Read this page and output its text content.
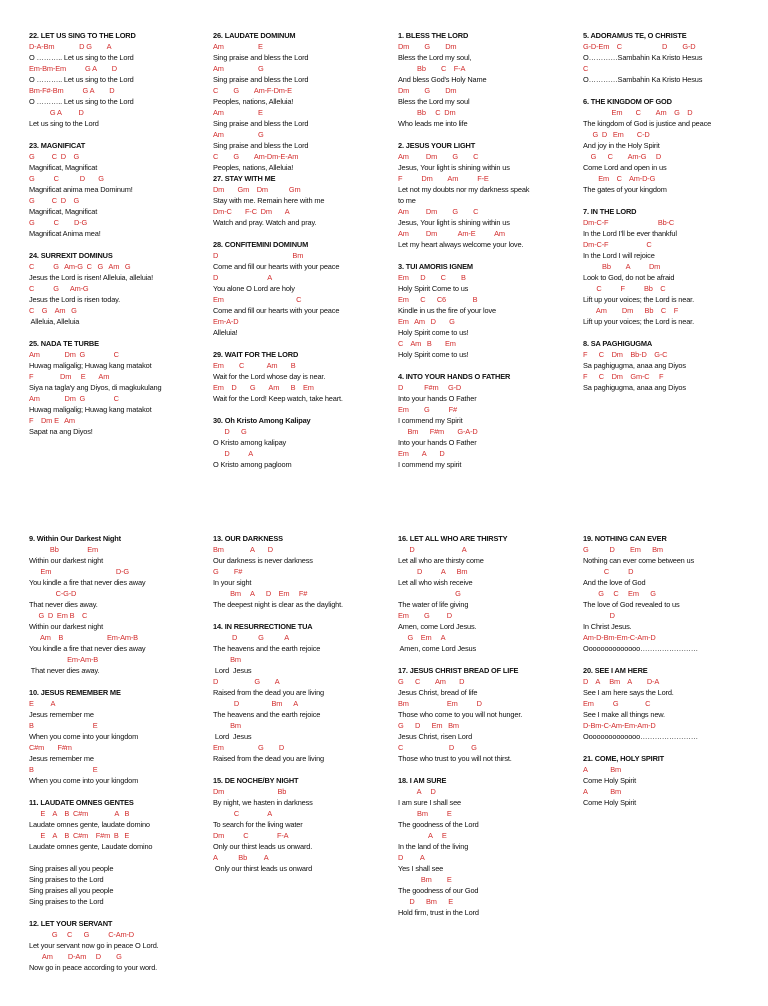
22. LET US SING TO THE LORD
D-A-Bm             D G        A
O ……….. Let us sing to the Lord
Em-Bm-Em          G A        D
O ……….. Let us sing to the Lord
Bm-F#-Bm          G A        D
O ……….. Let us sing to the Lord
G A         D
Let us sing to the Lord
23. MAGNIFICAT
G         C  D    G
Magnificat, Magnificat
G          C           D       G
Magnificat anima mea Dominum!
G         C  D    G
Magnificat, Magnificat
G          C        D-G
Magnificat Anima mea!
24. SURREXIT DOMINUS
C          G   Am-G  C   G   Am   G
Jesus the Lord is risen! Alleluia, alleluia!
C          G      Am-G
Jesus the Lord is risen today.
C    G    Am   G
Alleluia, Alleluia
25. NADA TE TURBE
Am             Dm  G               C
Huwag maligalig; Huwag kang matakot
F              Dm     E       Am
Siya na tagla'y ang Diyos, di magkukulang
Am             Dm  G               C
Huwag maligalig; Huwag kang matakot
F    Dm E   Am
Sapat na ang Diyos!
26. LAUDATE DOMINUM
Am                  E
Sing praise and bless the Lord
Am                  G
Sing praise and bless the Lord
C        G        Am-F-Dm-E
Peoples, nations, Alleluia!
Am                  E
Sing praise and bless the Lord
Am                  G
Sing praise and bless the Lord
C        G        Am-Dm-E-Am
Peoples, nations, Alleluia!
27. STAY WITH ME
Dm       Gm    Dm           Gm
Stay with me. Remain here with me
Dm-C       F-C  Dm       A
Watch and pray. Watch and pray.
28. CONFITEMINI DOMINUM
D                                       Bm
Come and fill our hearts with your peace
D                          A
You alone O Lord are holy
Em                                      C
Come and fill our hearts with your peace
Em-A-D
Alleluia!
29. WAIT FOR THE LORD
Em        C            Am       B
Wait for the Lord whose day is near.
Em    D       G       Am      B    Em
Wait for the Lord! Keep watch, take heart.
30. Oh Kristo Among Kalipay
D      G
O Kristo among kalipay
D          A
O Kristo among pagloom
1. BLESS THE LORD
Dm        G        Dm
Bless the Lord my soul,
Bb        C    F-A
And bless God's Holy Name
Dm        G        Dm
Bless the Lord my soul
Bb     C  Dm
Who leads me into life
2. JESUS YOUR LIGHT
Am         Dm        G        C
Jesus, Your light is shining within us
F          Dm        Am          F-E
Let not my doubts nor my darkness speak
to me
Am         Dm        G        C
Jesus, Your light is shining within us
Am         Dm           Am-E          Am
Let my heart always welcome your love.
3. TUI AMORIS IGNEM
Em      D        C        B
Holy Spirit Come to us
Em      C      C6              B
Kindle in us the fire of your love
Em   Am   D       G
Holy Spirit come to us!
C    Am   B       Em
Holy Spirit come to us!
4. INTO YOUR HANDS O FATHER
D           F#m     G-D
Into your hands O Father
Em        G          F#
I commend my Spirit
Bm      F#m       G-A-D
Into your hands O Father
Em       A       D
I commend my spirit
5. ADORAMUS TE, O CHRISTE
G-D-Em    C                     D        G-D
O…………Sambahin Ka Kristo Hesus
C
O…………Sambahin Ka Kristo Hesus
6. THE KINGDOM OF GOD
Em       C        Am    G    D
The kingdom of God is justice and peace
G  D   Em       C-D
And joy in the Holy Spirit
G      C        Am-G     D
Come Lord and open in us
Em    C    Am-D-G
The gates of your kingdom
7. IN THE LORD
Dm-C-F                          Bb-C
In the Lord I'll be ever thankful
Dm-C-F                    C
In the Lord I will rejoice
Bb        A          Dm
Look to God, do not be afraid
C          F          Bb    C
Lift up your voices; the Lord is near.
Am        Dm      Bb    C    F
Lift up your voices; the Lord is near.
8. SA PAGHIGUGMA
F      C    Dm    Bb-D    G-C
Sa paghigugma, anaa ang Diyos
F      C    Dm    Gm-C     F
Sa paghigugma, anaa ang Diyos
9. Within Our Darkest Night
Bb               Em
Within our darkest night
Em                                  D-G
You kindle a fire that never dies away
C-G-D
That never dies away.
G  D  Em B    C
Within our darkest night
Am    B                       Em-Am-B
You kindle a fire that never dies away
Em-Am-B
That never dies away.
10. JESUS REMEMBER ME
E         A
Jesus remember me
B                               E
When you come into your kingdom
C#m       F#m
Jesus remember me
B                               E
When you come into your kingdom
11. LAUDATE OMNES GENTES
E    A    B  C#m              A   B
Laudate omnes gente, laudate domino
E    A    B  C#m    F#m  B   E
Laudate omnes gente, Laudate domino
Sing praises all you people
Sing praises to the Lord
Sing praises all you people
Sing praises to the Lord
12. LET YOUR SERVANT
G     C      G          C-Am-D
Let your servant now go in peace O Lord.
Am        D-Am     D        G
Now go in peace according to your word.
13. OUR DARKNESS
Bm              A       D
Our darkness is never darkness
G        F#
In your sight
Bm     A      D    Em     F#
The deepest night is clear as the daylight.
14. IN RESURRECTIONE TUA
D           G           A
The heavens and the earth rejoice
Bm
Lord  Jesus
D                   G        A
Raised from the dead you are living
D                 Bm      A
The heavens and the earth rejoice
Bm
Lord  Jesus
Em                  G        D
Raised from the dead you are living
15. DE NOCHE/BY NIGHT
Dm                            Bb
By night, we hasten in darkness
C               A
To search for the living water
Dm          C               F-A
Only our thirst leads us onward.
A           Bb         A
Only our thirst leads us onward
16. LET ALL WHO ARE THIRSTY
D                         A
Let all who are thirsty come
D          A      Bm
Let all who wish receive
G
The water of life giving
Em        G         D
Amen, come Lord Jesus.
G    Em     A
Amen, come Lord Jesus
17. JESUS CHRIST BREAD OF LIFE
G      C        Am       D
Jesus Christ, bread of life
Bm                    Em          D
Those who come to you will not hunger.
G      D      Em   Bm
Jesus Christ, risen Lord
C                        D         G
Those who trust to you will not thirst.
18. I AM SURE
A     D
I am sure I shall see
Bm          E
The goodness of the Lord
A     E
In the land of the living
D         A
Yes I shall see
Bm        E
The goodness of our God
D      Bm      E
Hold firm, trust in the Lord
19. NOTHING CAN EVER
G           D        Em      Bm
Nothing can ever come between us
C          D
And the love of God
G     C     Em      G
The love of God revealed to us
D
In Christ Jesus.
Am-D-Bm-Em-C-Am-D
Oooooooooooooo……………………
20. SEE I AM HERE
D    A     Bm    A        D-A
See I am here says the Lord.
Em          G              C
See I make all things new.
D-Bm-C-Am-Em-Am-D
Oooooooooooooo……………………
21. COME, HOLY SPIRIT
A            Bm
Come Holy Spirit
A            Bm
Come Holy Spirit
